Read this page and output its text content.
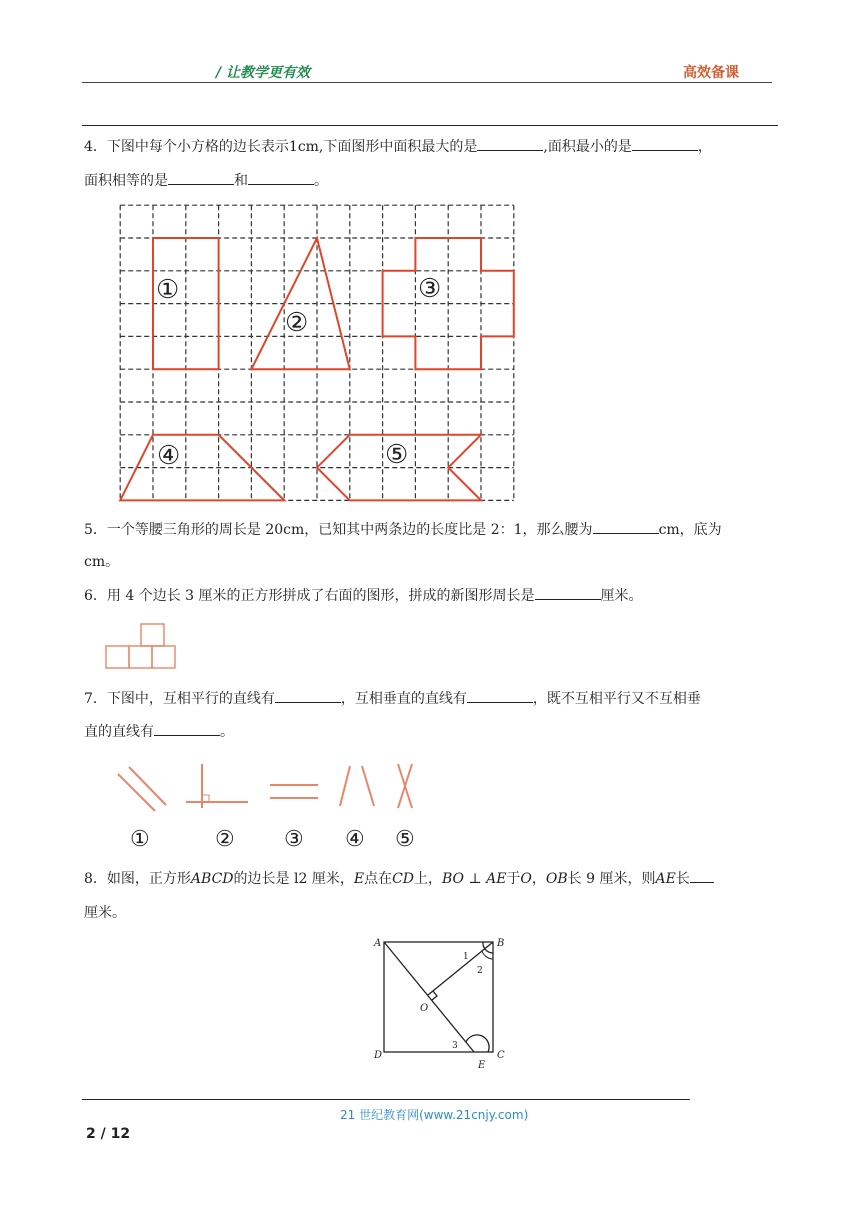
/ 让教学更有效	高效备课
4．下图中每个小方格的边长表示1cm,下面图形中面积最大的是	,面积最小的是	，
面积相等的是	和	。
①
②
③
④	⑤
5．一个等腰三角形的周长是 20cm，已知其中两条边的长度比是 2：1，那么腰为	cm，底为
cm。
6．用 4 个边长 3 厘米的正方形拼成了右面的图形，拼成的新图形周长是	厘米。
7．下图中，互相平行的直线有	，互相垂直的直线有	，既不互相平行又不互相垂
直的直线有	。
①	② ③ ④ ⑤
8．如图，正方形ABCD的边长是 l2 厘米，E点在CD上，BO ⊥ AE于O，OB长 9 厘米，则AE长
厘米。
A	B
C
D
E
O
1
2
3
21 世纪教育网(www.21cnjy.com)
2 / 12
